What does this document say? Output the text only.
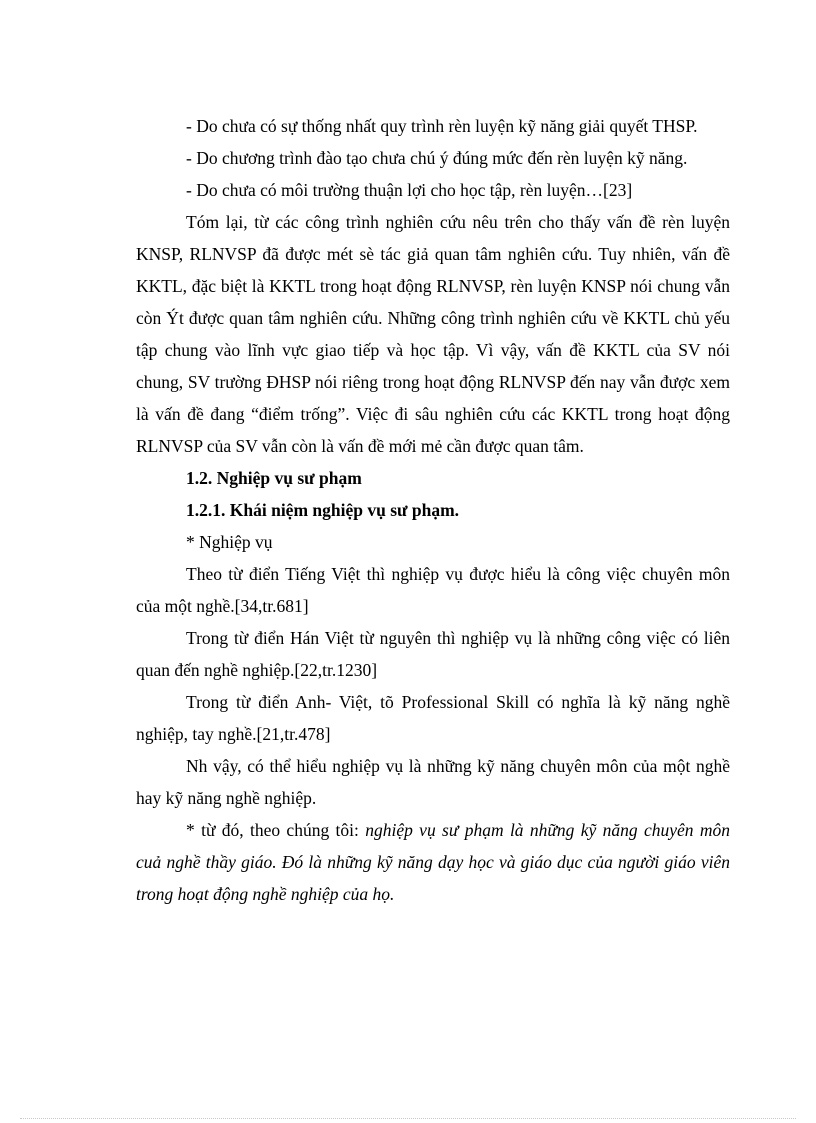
- Do chưa có sự thống nhất quy trình rèn luyện kỹ năng giải quyết THSP.

- Do chương trình đào tạo chưa chú ý đúng mức đến rèn luyện kỹ năng.

- Do chưa có môi trường thuận lợi cho học tập, rèn luyện…[23]

Tóm lại, từ các công trình nghiên cứu nêu trên cho thấy vấn đề rèn luyện KNSP, RLNVSP đã được mét sè tác giả quan tâm nghiên cứu. Tuy nhiên, vấn đề KKTL, đặc biệt là KKTL trong hoạt động RLNVSP, rèn luyện KNSP nói chung vẫn còn Ýt được quan tâm nghiên cứu. Những công trình nghiên cứu về KKTL chủ yếu tập chung vào lĩnh vực giao tiếp và học tập. Vì vậy, vấn đề KKTL của SV nói chung, SV trường ĐHSP nói riêng trong hoạt động RLNVSP đến nay vẫn được xem là vấn đề đang “điểm trống”. Việc đi sâu nghiên cứu các KKTL trong hoạt động RLNVSP của SV vẫn còn là vấn đề mới mẻ cần được quan tâm.

1.2. Nghiệp vụ sư phạm

1.2.1. Khái niệm nghiệp vụ sư phạm.

* Nghiệp vụ

Theo từ điển Tiếng Việt thì nghiệp vụ được hiểu là công việc chuyên môn của một nghề.[34,tr.681]

Trong từ điển Hán Việt từ nguyên thì nghiệp vụ là những công việc có liên quan đến nghề nghiệp.[22,tr.1230]

Trong từ điển Anh- Việt, tõ Professional Skill có nghĩa là kỹ năng nghề nghiệp, tay nghề.[21,tr.478]

Nh vậy, có thể hiểu nghiệp vụ là những kỹ năng chuyên môn của một nghề hay kỹ năng nghề nghiệp.

* từ đó, theo chúng tôi: nghiệp vụ sư phạm là những kỹ năng chuyên môn cuả nghề thầy giáo. Đó là những kỹ năng dạy học và giáo dục của người giáo viên trong hoạt động nghề nghiệp của họ.
